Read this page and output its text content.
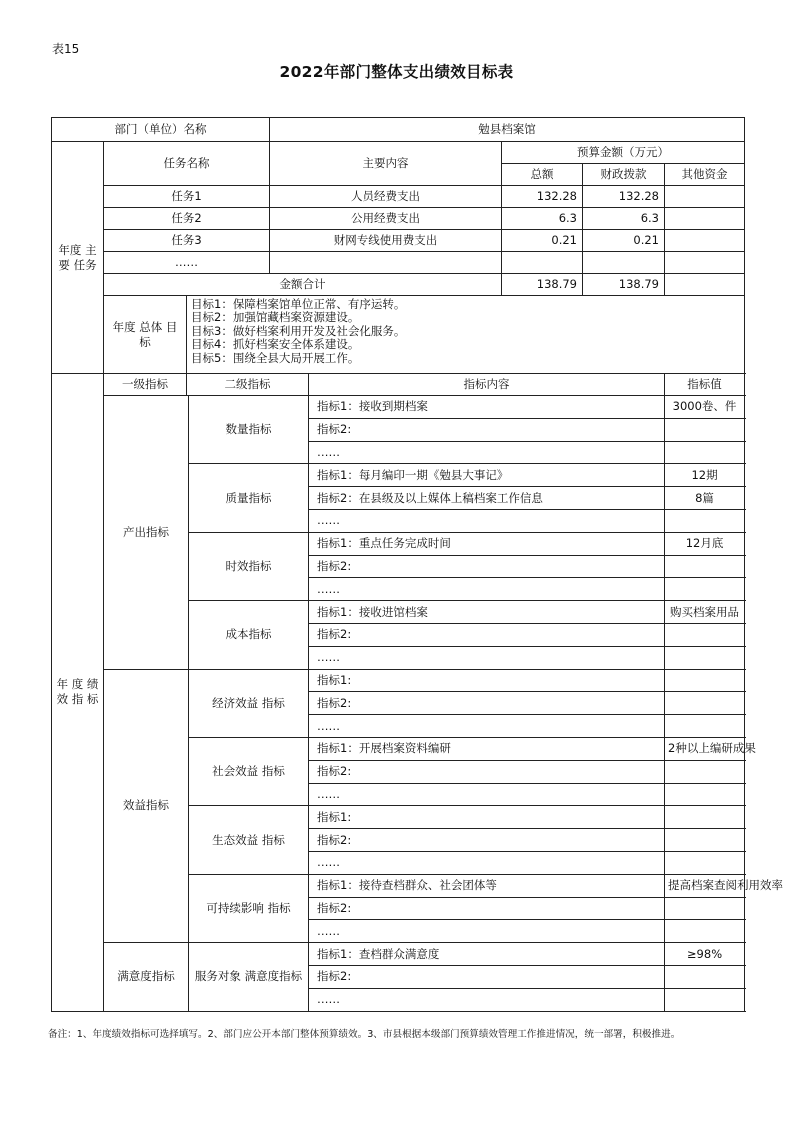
表15
2022年部门整体支出绩效目标表
部门（单位）名称				勉县档案馆				
年度 主要 任务	任务名称			主要内容		预算金额（万元）		
						总额	财政拨款	其他资金
	任务1			人员经费支出		132.28	132.28	
	任务2			公用经费支出		6.3	6.3	
	任务3			财网专线使用费支出		0.21	0.21	
	……							
	金额合计					138.79	138.79	
	年度 总体 目标	目标1：保障档案馆单位正常、有序运转。
目标2：加强馆藏档案资源建设。
目标3：做好档案利用开发及社会化服务。
目标4：抓好档案安全体系建设。
目标5：围绕全县大局开展工作。						

年 度 绩 效 指 标	一级指标	二级指标			指标内容			指标值
	产出指标		数量指标		指标1：接收到期档案			3000卷、件
					指标2:			
					……			
			质量指标		指标1：每月编印一期《勉县大事记》			12期
					指标2：在县级及以上媒体上稿档案工作信息			8篇
					……			
			时效指标		指标1：重点任务完成时间			12月底
					指标2:			
					……			
			成本指标		指标1：接收进馆档案			购买档案用品
					指标2:			
					……			
	效益指标		经济效益 指标		指标1:			
					指标2:			
					……			
			社会效益 指标		指标1：开展档案资料编研			2种以上编研成果
					指标2:			
					……			
			生态效益 指标		指标1:			
					指标2:			
					……			
			可持续影响 指标		指标1：接待查档群众、社会团体等			提高档案查阅利用效率
					指标2:			
					……			
	满意度指标		服务对象 满意度指标		指标1：查档群众满意度			≥98%
					指标2:			
					……			
备注：1、年度绩效指标可选择填写。2、部门应公开本部门整体预算绩效。3、市县根据本级部门预算绩效管理工作推进情况，统一部署，积极推进。
